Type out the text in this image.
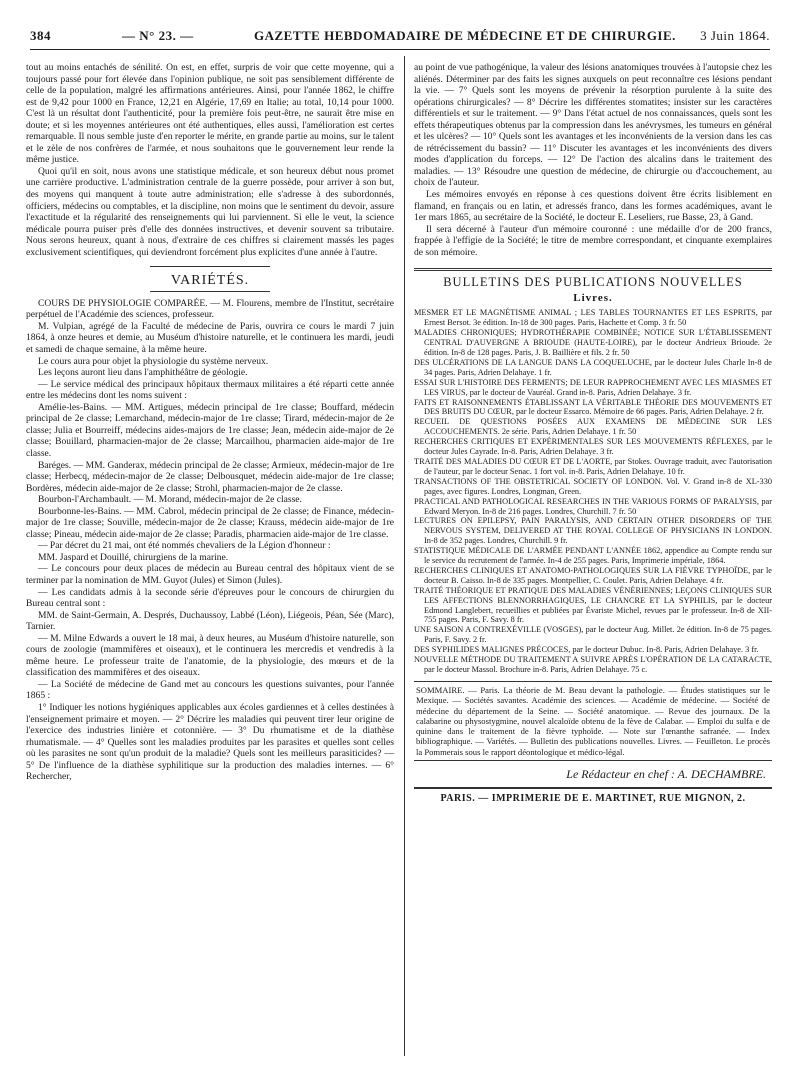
384	— N° 23. —	GAZETTE HEBDOMADAIRE DE MÉDECINE ET DE CHIRURGIE. 3 Juin 1864.

tout au moins entachés de sénilité. On est, en effet, surpris de voir que cette moyenne, qui a toujours passé pour fort élevée dans l'opinion publique, ne soit pas sensiblement différente de celle de la population, malgré les affirmations antérieures. Ainsi, pour l'année 1862, le chiffre est de 9,42 pour 1000 en France, 12,21 en Algérie, 17,69 en Italie; au total, 10,14 pour 1000. C'est là un résultat dont l'authenticité, pour la première fois peut-être, ne saurait être mise en doute; et si les moyennes antérieures ont été authentiques, elles aussi, l'amélioration est certes remarquable. Il nous semble juste d'en reporter le mérite, en grande partie au moins, sur le talent et le zèle de nos confrères de l'armée, et nous souhaitons que le gouvernement leur rende la même justice.

Quoi qu'il en soit, nous avons une statistique médicale, et son heureux début nous promet une carrière productive. L'administration centrale de la guerre possède, pour arriver à son but, des moyens qui manquent à toute autre administration; elle s'adresse à des subordonnés, officiers, médecins ou comptables, et la discipline, non moins que le sentiment du devoir, assure l'exactitude et la régularité des renseignements qui lui parviennent. Si elle le veut, la science médicale pourra puiser près d'elle des données instructives, et devenir souvent sa tributaire. Nous serons heureux, quant à nous, d'extraire de ces chiffres si clairement massés les pages exclusivement scientifiques, qui deviendront forcément plus explicites d'une année à l'autre.

VARIÉTÉS.

COURS DE PHYSIOLOGIE COMPARÉE. — M. Flourens, membre de l'Institut, secrétaire perpétuel de l'Académie des sciences, professeur.

M. Vulpian, agrégé de la Faculté de médecine de Paris, ouvrira ce cours le mardi 7 juin 1864, à onze heures et demie, au Muséum d'histoire naturelle, et le continuera les mardi, jeudi et samedi de chaque semaine, à la même heure.

Le cours aura pour objet la physiologie du système nerveux.

Les leçons auront lieu dans l'amphithéâtre de géologie.

— Le service médical des principaux hôpitaux thermaux militaires a été réparti cette année entre les médecins dont les noms suivent :

Amélie-les-Bains. — MM. Artigues, médecin principal de 1re classe; Bouffard, médecin principal de 2e classe; Lemarchand, médecin-major de 1re classe; Tirard, médecin-major de 2e classe; Julia et Bourreiff, médecins aides-majors de 1re classe; Jean, médecin aide-major de 2e classe; Bouillard, pharmacien-major de 2e classe; Marcailhou, pharmacien aide-major de 1re classe.

Baréges. — MM. Ganderax, médecin principal de 2e classe; Armieux, médecin-major de 1re classe; Herbecq, médecin-major de 2e classe; Delbousquet, médecin aide-major de 1re classe; Bordères, médecin aide-major de 2e classe; Strohl, pharmacien-major de 2e classe.

Bourbon-l'Archambault. — M. Morand, médecin-major de 2e classe.

Bourbonne-les-Bains. — MM. Cabrol, médecin principal de 2e classe; de Finance, médecin-major de 1re classe; Souville, médecin-major de 2e classe; Krauss, médecin aide-major de 1re classe; Pineau, médecin aide-major de 2e classe; Paradis, pharmacien aide-major de 1re classe.

— Par décret du 21 mai, ont été nommés chevaliers de la Légion d'honneur :

MM. Jaspard et Douillé, chirurgiens de la marine.

— Le concours pour deux places de médecin au Bureau central des hôpitaux vient de se terminer par la nomination de MM. Guyot (Jules) et Simon (Jules).

— Les candidats admis à la seconde série d'épreuves pour le concours de chirurgien du Bureau central sont :

MM. de Saint-Germain, A. Després, Duchaussoy, Labbé (Léon), Liégeois, Péan, Sée (Marc), Tarnier.

— M. Milne Edwards a ouvert le 18 mai, à deux heures, au Muséum d'histoire naturelle, son cours de zoologie (mammifères et oiseaux), et le continuera les mercredis et vendredis à la même heure. Le professeur traite de l'anatomie, de la physiologie, des mœurs et de la classification des mammifères et des oiseaux.

— La Société de médecine de Gand met au concours les questions suivantes, pour l'année 1865 :

1° Indiquer les notions hygiéniques applicables aux écoles gardiennes et à celles destinées à l'enseignement primaire et moyen. — 2° Décrire les maladies qui peuvent tirer leur origine de l'exercice des industries linière et cotonnière. — 3° Du rhumatisme et de la diathèse rhumatismale. — 4° Quelles sont les maladies produites par les parasites et quelles sont celles où les parasites ne sont qu'un produit de la maladie? Quels sont les meilleurs parasiticides? — 5° De l'influence de la diathèse syphilitique sur la production des maladies internes. — 6° Rechercher,

au point de vue pathogénique, la valeur des lésions anatomiques trouvées à l'autopsie chez les aliénés. Déterminer par des faits les signes auxquels on peut reconnaître ces lésions pendant la vie. — 7° Quels sont les moyens de prévenir la résorption purulente à la suite des opérations chirurgicales? — 8° Décrire les différentes stomatites; insister sur les caractères différentiels et sur le traitement. — 9° Dans l'état actuel de nos connaissances, quels sont les effets thérapeutiques obtenus par la compression dans les anévrysmes, les tumeurs en général et les ulcères? — 10° Quels sont les avantages et les inconvénients de la version dans les cas de rétrécissement du bassin? — 11° Discuter les avantages et les inconvénients des divers modes d'application du forceps. — 12° De l'action des alcalins dans le traitement des maladies. — 13° Résoudre une question de médecine, de chirurgie ou d'accouchement, au choix de l'auteur.

Les mémoires envoyés en réponse à ces questions doivent être écrits lisiblement en flamand, en français ou en latin, et adressés franco, dans les formes académiques, avant le 1er mars 1865, au secrétaire de la Société, le docteur E. Leseliers, rue Basse, 23, à Gand.

Il sera décerné à l'auteur d'un mémoire couronné : une médaille d'or de 200 francs, frappée à l'effigie de la Société; le titre de membre correspondant, et cinquante exemplaires de son mémoire.

BULLETINS DES PUBLICATIONS NOUVELLES
Livres.

MESMER ET LE MAGNÉTISME ANIMAL ; LES TABLES TOURNANTES ET LES ESPRITS, par Ernest Bersot. 3e édition. In-18 de 300 pages. Paris, Hachette et Comp. 3 fr. 50

MALADIES CHRONIQUES; HYDROTHÉRAPIE COMBINÉE; NOTICE SUR L'ÉTABLISSEMENT CENTRAL D'AUVERGNE A BRIOUDE (HAUTE-LOIRE), par le docteur Andrieux Brioude. 2e édition. In-8 de 128 pages. Paris, J. B. Baillière et fils. 2 fr. 50

DES ULCÉRATIONS DE LA LANGUE DANS LA COQUELUCHE, par le docteur Jules Charle In-8 de 34 pages. Paris, Adrien Delahaye. 1 fr.

ESSAI SUR L'HISTOIRE DES FERMENTS; DE LEUR RAPPROCHEMENT AVEC LES MIASMES ET LES VIRUS, par le docteur de Vauréal. Grand in-8. Paris, Adrien Delahaye. 3 fr.

FAITS ET RAISONNEMENTS ÉTABLISSANT LA VÉRITABLE THÉORIE DES MOUVEMENTS ET DES BRUITS DU CŒUR, par le docteur Essarco. Mémoire de 66 pages. Paris, Adrien Delahaye. 2 fr.

RECUEIL DE QUESTIONS POSÉES AUX EXAMENS DE MÉDECINE SUR LES ACCOUCHEMENTS. 2e série. Paris, Adrien Delahaye. 1 fr. 50

RECHERCHES CRITIQUES ET EXPÉRIMENTALES SUR LES MOUVEMENTS RÉFLEXES, par le docteur Jules Cayrade. In-8. Paris, Adrien Delahaye. 3 fr.

TRAITÉ DES MALADIES DU CŒUR ET DE L'AORTE, par Stokes. Ouvrage traduit, avec l'autorisation de l'auteur, par le docteur Senac. 1 fort vol. in-8. Paris, Adrien Delahaye. 10 fr.

TRANSACTIONS OF THE OBSTETRICAL SOCIETY OF LONDON. Vol. V. Grand in-8 de XL-330 pages, avec figures. Londres, Longman, Green.

PRACTICAL AND PATHOLOGICAL RESEARCHES IN THE VARIOUS FORMS OF PARALYSIS, par Edward Meryon. In-8 de 216 pages. Londres, Churchill. 7 fr. 50

LECTURES ON EPILEPSY, PAIN PARALYSIS, AND CERTAIN OTHER DISORDERS OF THE NERVOUS SYSTEM, DELIVERED AT THE ROYAL COLLEGE OF PHYSICIANS IN LONDON. In-8 de 352 pages. Londres, Churchill. 9 fr.

STATISTIQUE MÉDICALE DE L'ARMÉE PENDANT L'ANNÉE 1862, appendice au Compte rendu sur le service du recrutement de l'armée. In-4 de 255 pages. Paris, Imprimerie impériale, 1864.

RECHERCHES CLINIQUES ET ANATOMO-PATHOLOGIQUES SUR LA FIÈVRE TYPHOÏDE, par le docteur B. Caisso. In-8 de 335 pages. Montpellier, C. Coulet. Paris, Adrien Delahaye. 4 fr.

TRAITÉ THÉORIQUE ET PRATIQUE DES MALADIES VÉNÉRIENNES; LEÇONS CLINIQUES SUR LES AFFECTIONS BLENNORRHAGIQUES, LE CHANCRE ET LA SYPHILIS, par le docteur Edmond Langlebert, recueillies et publiées par Évariste Michel, revues par le professeur. In-8 de XII-755 pages. Paris, F. Savy. 8 fr.

UNE SAISON A CONTREXÉVILLE (VOSGES), par le docteur Aug. Millet. 2e édition. In-8 de 75 pages. Paris, F. Savy. 2 fr.

DES SYPHILIDES MALIGNES PRÉCOCES, par le docteur Dubuc. In-8. Paris, Adrien Delahaye. 3 fr.

NOUVELLE MÉTHODE DU TRAITEMENT A SUIVRE APRÈS L'OPÉRATION DE LA CATARACTE, par le docteur Massol. Brochure in-8. Paris, Adrien Delahaye. 75 c.

SOMMAIRE. — Paris. La théorie de M. Beau devant la pathologie. — Études statistiques sur le Mexique. — Sociétés savantes. Académie des sciences. — Académie de médecine. — Société de médecine du département de la Seine. — Société anatomique. — Revue des journaux. De la calabarine ou physostygmine, nouvel alcaloïde obtenu de la fève de Calabar. — Emploi du sulfa e de quinine dans le traitement de la fièvre typhoïde. — Note sur l'œnanthe safranée. — Index bibliographique. — Variétés. — Bulletin des publications nouvelles. Livres. — Feuilleton. Le procès la Pommerais sous le rapport déontologique et médico-légal.
Le Rédacteur en chef : A. DECHAMBRE.
PARIS. — IMPRIMERIE DE E. MARTINET, RUE MIGNON, 2.
